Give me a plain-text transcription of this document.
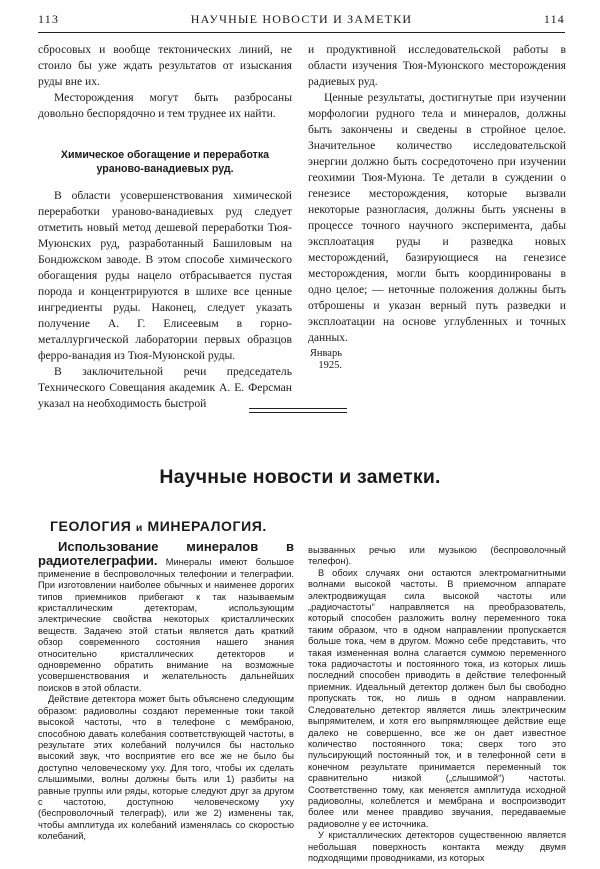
113	НАУЧНЫЕ НОВОСТИ И ЗАМЕТКИ	114

сбросовых и вообще тектонических линий, не стоило бы уже ждать результатов от изыскания руды вне их.

Месторождения могут быть разбросаны довольно беспорядочно и тем труднее их найти.

Химическое обогащение и переработка ураново-ванадиевых руд.

В области усовершенствования химической переработки ураново-ванадиевых руд следует отметить новый метод дешевой переработки Тюя-Муюнских руд, разработанный Башиловым на Бондюжском заводе. В этом способе химического обогащения руды нацело отбрасывается пустая порода и концентрируются в шлихе все ценные ингредиенты руды. Наконец, следует указать получение А. Г. Елисеевым в горно-металлургической лаборатории первых образцов ферро-ванадия из Тюя-Муюнской руды.

В заключительной речи председатель Технического Совещания академик А. Е. Ферсман указал на необходимость быстрой

и продуктивной исследовательской работы в области изучения Тюя-Муюнского месторождения радиевых руд.

Ценные результаты, достигнутые при изучении морфологии рудного тела и минералов, должны быть закончены и сведены в стройное целое. Значительное количество исследовательской энергии должно быть сосредоточено при изучении геохимии Тюя-Муюна. Те детали в суждении о генезисе месторождения, которые вызвали некоторые разногласия, должны быть уяснены в процессе точного научного эксперимента, дабы эксплоатация руды и разведка новых месторождений, базирующиеся на генезисе месторождения, могли быть координированы в одно целое; — неточные положения должны быть отброшены и указан верный путь разведки и эксплоатации на основе углубленных и точных данных.

Январь 1925.

Научные новости и заметки.
ГЕОЛОГИЯ и МИНЕРАЛОГИЯ.

Использование минералов в радиотелеграфии. Минералы имеют большое применение в беспроволочных телефонии и телеграфии. При изготовлении наиболее обычных и наименее дорогих типов приемников прибегают к так называемым кристаллическим детекторам, использующим электрические свойства некоторых кристаллических веществ. Задачею этой статьи является дать краткий обзор современного состояния нашего знания относительно кристаллических детекторов и одновременно обратить внимание на возможные усовершенствования и желательность дальнейших поисков в этой области.

Действие детектора может быть объяснено следующим образом: радиоволны создают переменные токи такой высокой частоты, что в телефоне с мембраною, способною давать колебания соответствующей частоты, в результате этих колебаний получился бы настолько высокий звук, что восприятие его все же не было бы доступно человеческому уху. Для того, чтобы их сделать слышимыми, волны должны быть или 1) разбиты на равные группы или ряды, которые следуют друг за другом с частотою, доступною человеческому уху (беспроволочный телеграф), или же 2) изменены так, чтобы амплитуда их колебаний изменялась со скоростью колебаний,

вызванных речью или музыкою (беспроволочный телефон).

В обоих случаях они остаются электромагнитными волнами высокой частоты. В приемочном аппарате электродвижущая сила высокой частоты или „радиочастоты“ направляется на преобразователь, который способен разложить волну переменного тока таким образом, что в одном направлении пропускается больше тока, чем в другом. Можно себе представить, что такая измененная волна слагается суммою переменного тока радиочастоты и постоянного тока, из которых лишь последний способен приводить в действие телефонный приемник. Идеальный детектор должен был бы свободно пропускать ток, но лишь в одном направлении. Следовательно детектор является лишь электрическим выпрямителем, и хотя его выпрямляющее действие еще далеко не совершенно, все же он дает известное количество постоянного тока; сверх того это пульсирующий постоянный ток, и в телефонной сети в конечном результате принимается переменный ток сравнительно низкой („слышимой“) частоты. Соответственно тому, как меняется амплитуда исходной радиоволны, колеблется и мембрана и воспроизводит более или менее правдиво звучания, передаваемые радиоволне у ее источника.

У кристаллических детекторов существенною является небольшая поверхность контакта между двумя подходящими проводниками, из которых
